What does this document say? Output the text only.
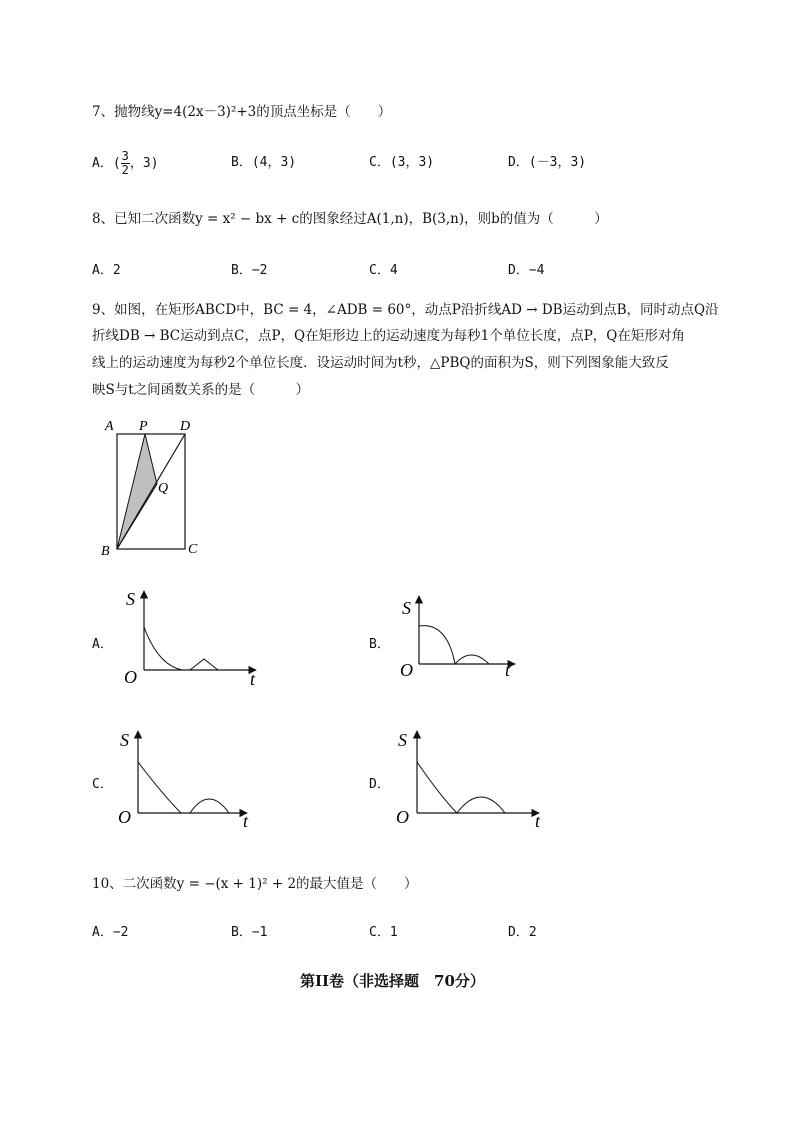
7、抛物线y=4(2x－3)²+3的顶点坐标是（　　）
A．( $\frac{3}{2}$ ，3)	B．(4，3)	C．(3，3)	D．(－3，3)
8、已知二次函数y = x² − bx + c的图象经过A(1,n)，B(3,n)，则b的值为（　　　）
A．2	B．−2	C．4	D．−4
9、如图，在矩形ABCD中，BC = 4，∠ADB = 60°，动点P沿折线AD → DB运动到点B，同时动点Q沿
折线DB → BC运动到点C，点P，Q在矩形边上的运动速度为每秒1个单位长度，点P，Q在矩形对角
线上的运动速度为每秒2个单位长度．设运动时间为t秒，△PBQ的面积为S，则下列图象能大致反
映S与t之间函数关系的是（　　　）
A P D
Q
B	C
A．
S
O	t
B．
S
O	t
C．
S
O	t
D．
S
O	t
10、二次函数y = −(x + 1)² + 2的最大值是（　　）
A．−2	B．−1	C．1	D．2
第II卷（非选择题　70分）
